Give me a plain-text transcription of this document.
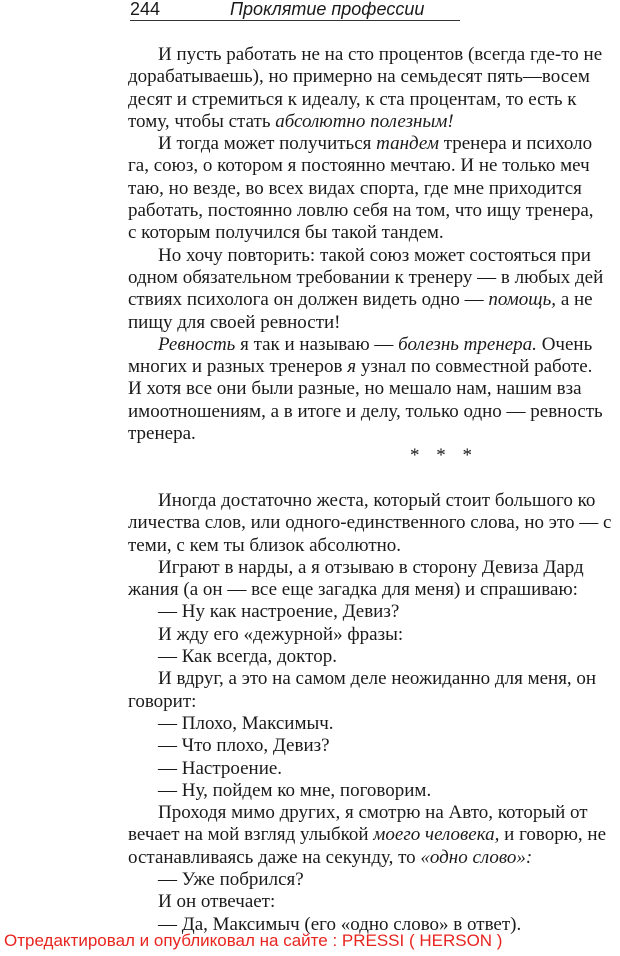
244	Проклятие профессии
И пусть работать не на сто процентов (всегда где-то не
дорабатываешь), но примерно на семьдесят пять—восем
десят и стремиться к идеалу, к ста процентам, то есть к
тому, чтобы стать абсолютно полезным!
И тогда может получиться тандем тренера и психоло
га, союз, о котором я постоянно мечтаю. И не только меч
таю, но везде, во всех видах спорта, где мне приходится
работать, постоянно ловлю себя на том, что ищу тренера,
с которым получился бы такой тандем.
Но хочу повторить: такой союз может состояться при
одном обязательном требовании к тренеру — в любых дей
ствиях психолога он должен видеть одно — помощь, а не
пищу для своей ревности!
Ревность я так и называю — болезнь тренера. Очень
многих и разных тренеров я узнал по совместной работе.
И хотя все они были разные, но мешало нам, нашим вза
имоотношениям, а в итоге и делу, только одно — ревность
тренера.
* * *
Иногда достаточно жеста, который стоит большого ко
личества слов, или одного-единственного слова, но это — с
теми, с кем ты близок абсолютно.
Играют в нарды, а я отзываю в сторону Девиза Дард
жания (а он — все еще загадка для меня) и спрашиваю:
— Ну как настроение, Девиз?
И жду его «дежурной» фразы:
— Как всегда, доктор.
И вдруг, а это на самом деле неожиданно для меня, он
говорит:
— Плохо, Максимыч.
— Что плохо, Девиз?
— Настроение.
— Ну, пойдем ко мне, поговорим.
Проходя мимо других, я смотрю на Авто, который от
вечает на мой взгляд улыбкой моего человека, и говорю, не
останавливаясь даже на секунду, то «одно слово»:
— Уже побрился?
И он отвечает:
— Да, Максимыч (его «одно слово» в ответ).
Отредактировал и опубликовал на сайте : PRESSI ( HERSON )
